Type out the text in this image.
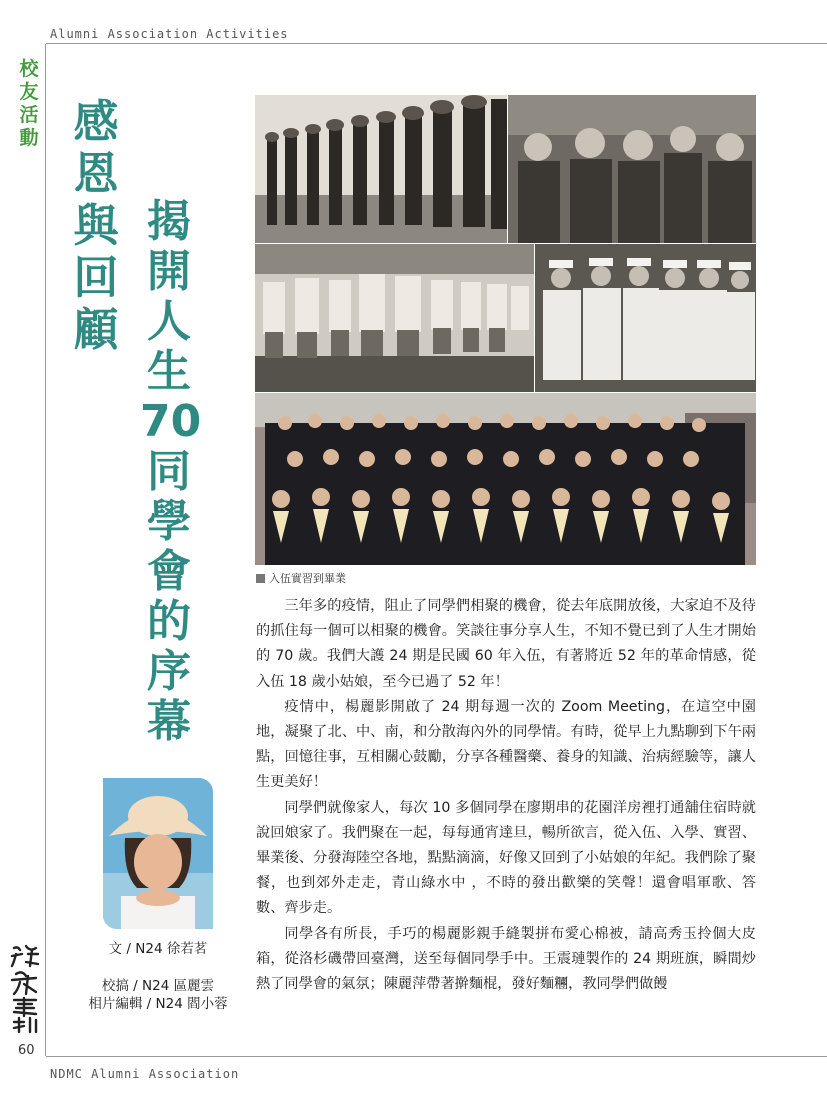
Alumni Association Activities
校友活動 感恩與回顧
揭開人生70同學會的序幕
入伍實習到畢業

三年多的疫情，阻止了同學們相聚的機會，從去年底開放後，大家迫不及待的抓住每一個可以相聚的機會。笑談往事分享人生，不知不覺已到了人生才開始的 70 歲。我們大護 24 期是民國 60 年入伍，有著將近 52 年的革命情感，從入伍 18 歲小姑娘，至今已過了 52 年！

疫情中，楊麗影開啟了 24 期每週一次的 Zoom Meeting，在這空中園地，凝聚了北、中、南，和分散海內外的同學情。有時，從早上九點聊到下午兩點，回憶往事，互相關心鼓勵，分享各種醫藥、養身的知識、治病經驗等，讓人生更美好！

同學們就像家人，每次 10 多個同學在廖期串的花園洋房裡打通舖住宿時就說回娘家了。我們聚在一起，每每通宵達旦，暢所欲言，從入伍、入學、實習、畢業後、分發海陸空各地，點點滴滴，好像又回到了小姑娘的年紀。我們除了聚餐，也到郊外走走，青山綠水中 ，不時的發出歡樂的笑聲！還會唱軍歌、答數、齊步走。

同學各有所長，手巧的楊麗影親手縫製拼布愛心棉被，請高秀玉拎個大皮箱，從洛杉磯帶回臺灣，送至每個同學手中。王震璉製作的 24 期班旗，瞬間炒熱了同學會的氣氛；陳麗萍帶著擀麵棍，發好麵糰，教同學們做饅

文 / N24 徐若茗
校搞 / N24 區麗雲
相片編輯 / N24 閻小蓉
60
NDMC Alumni Association
